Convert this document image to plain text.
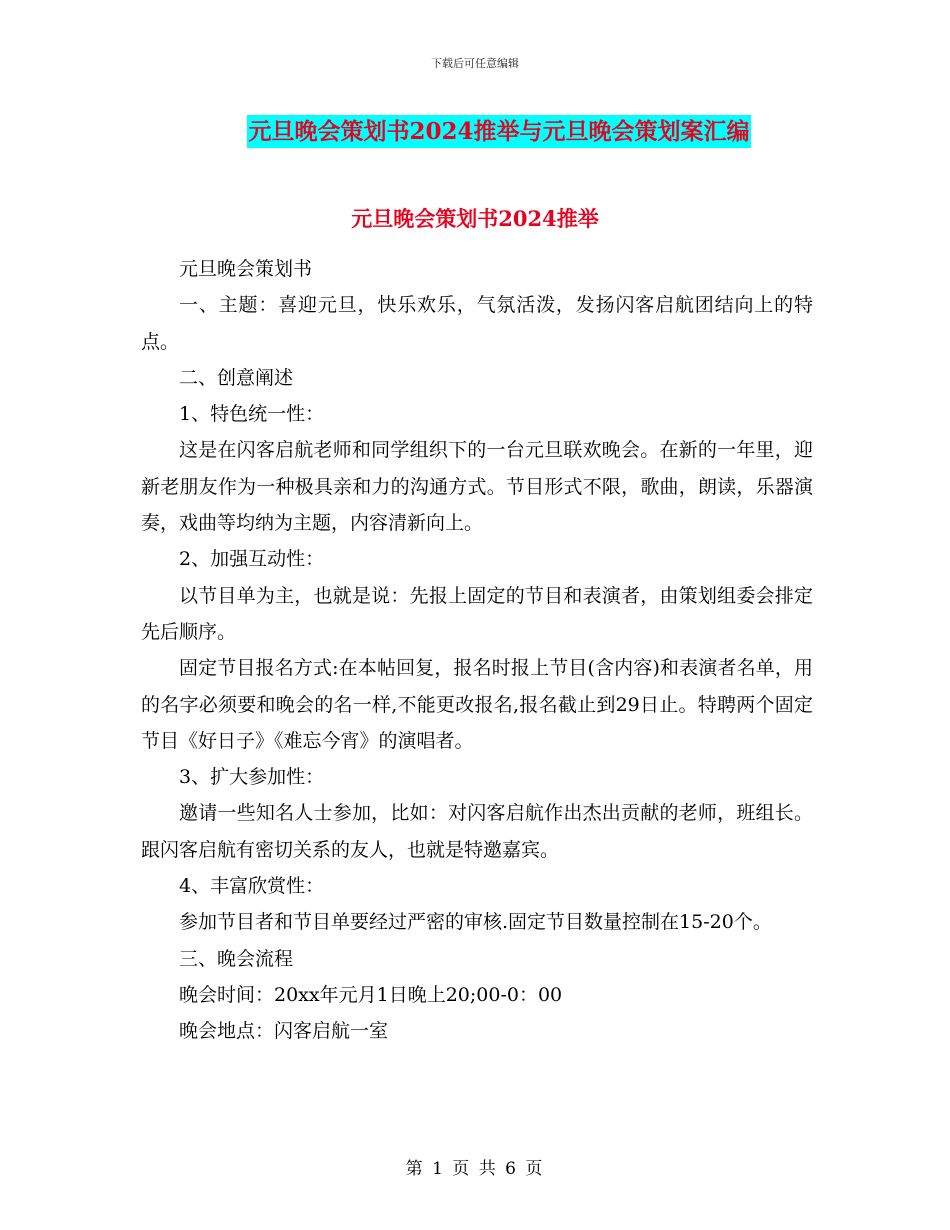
下载后可任意编辑
元旦晚会策划书2024推举与元旦晚会策划案汇编
元旦晚会策划书2024推举

元旦晚会策划书

一、主题：喜迎元旦，快乐欢乐，气氛活泼，发扬闪客启航团结向上的特点。

二、创意阐述

1、特色统一性：

这是在闪客启航老师和同学组织下的一台元旦联欢晚会。在新的一年里，迎新老朋友作为一种极具亲和力的沟通方式。节目形式不限，歌曲，朗读，乐器演奏，戏曲等均纳为主题，内容清新向上。

2、加强互动性：

以节目单为主，也就是说：先报上固定的节目和表演者，由策划组委会排定先后顺序。

固定节目报名方式:在本帖回复，报名时报上节目(含内容)和表演者名单，用的名字必须要和晚会的名一样,不能更改报名,报名截止到29日止。特聘两个固定节目《好日子》《难忘今宵》的演唱者。

3、扩大参加性：

邀请一些知名人士参加，比如：对闪客启航作出杰出贡献的老师，班组长。跟闪客启航有密切关系的友人，也就是特邀嘉宾。

4、丰富欣赏性：

参加节目者和节目单要经过严密的审核.固定节目数量控制在15-20个。

三、晚会流程

晚会时间：20xx年元月1日晚上20;00-0：00

晚会地点：闪客启航一室

第 1 页 共 6 页
